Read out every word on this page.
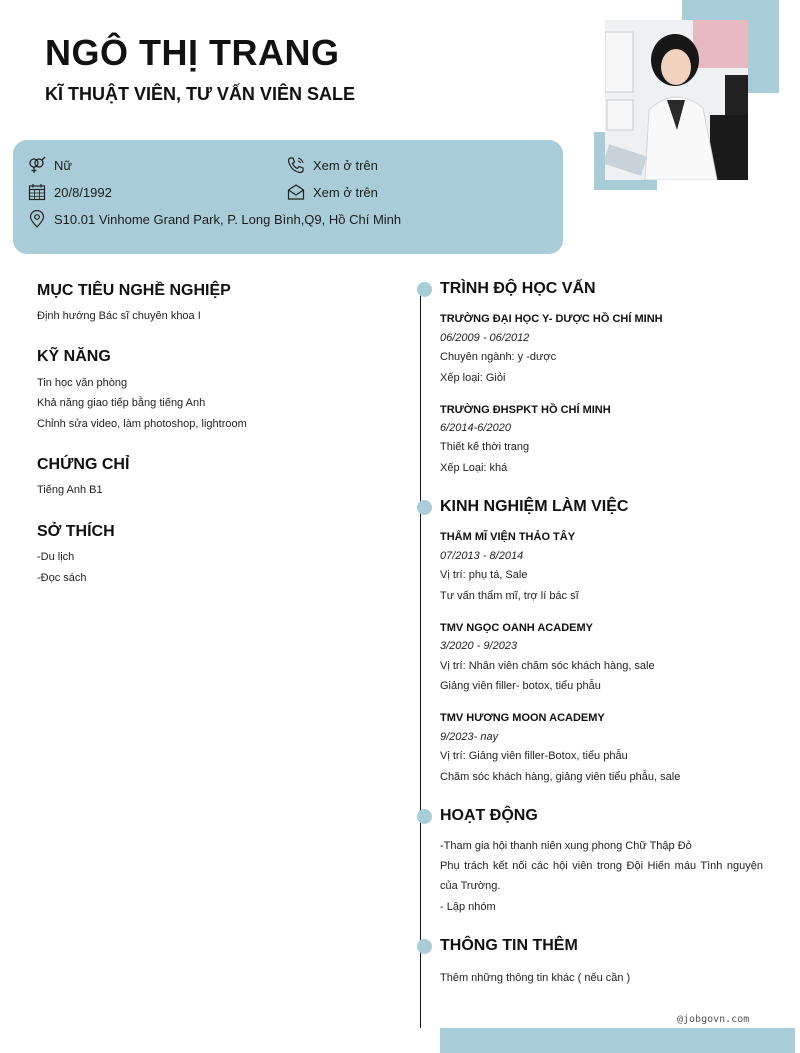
NGÔ THỊ TRANG
KĨ THUẬT VIÊN, TƯ VẤN VIÊN SALE
Nữ	Xem ở trên
20/8/1992	Xem ở trên
S10.01 Vinhome Grand Park, P. Long Bình,Q9, Hồ Chí Minh
MỤC TIÊU NGHỀ NGHIỆP
Định hướng Bác sĩ chuyên khoa I
KỸ NĂNG
Tin học văn phòng
Khả năng giao tiếp bằng tiếng Anh
Chỉnh sửa video, làm photoshop, lightroom
CHỨNG CHỈ
Tiếng Anh B1
SỞ THÍCH
-Du lịch
-Đọc sách
TRÌNH ĐỘ HỌC VẤN
TRƯỜNG ĐẠI HỌC Y- DƯỢC HỒ CHÍ MINH
06/2009 - 06/2012
Chuyên ngành: y -dược
Xếp loại: Giỏi
TRƯỜNG ĐHSPKT HỒ CHÍ MINH
6/2014-6/2020
Thiết kế thời trang
Xếp Loại: khá
KINH NGHIỆM LÀM VIỆC
THẨM MĨ VIỆN THẢO TÂY
07/2013 - 8/2014
Vị trí: phụ tá, Sale
Tư vấn thẩm mĩ, trợ lí bác sĩ
TMV NGỌC OANH ACADEMY
3/2020 - 9/2023
Vị trí: Nhân viên chăm sóc khách hàng, sale
Giảng viên filler- botox, tiểu phẫu
TMV HƯƠNG MOON ACADEMY
9/2023- nay
Vị trí: Giảng viên filler-Botox, tiểu phẫu
Chăm sóc khách hàng, giảng viên tiểu phẫu, sale
HOẠT ĐỘNG
-Tham gia hội thanh niên xung phong Chữ Thập Đỏ
Phụ trách kết nối các hội viên trong Đội Hiến máu Tình nguyện của Trường.
- Lập nhóm
THÔNG TIN THÊM
Thêm những thông tin khác ( nếu cần )
@jobgovn.com
